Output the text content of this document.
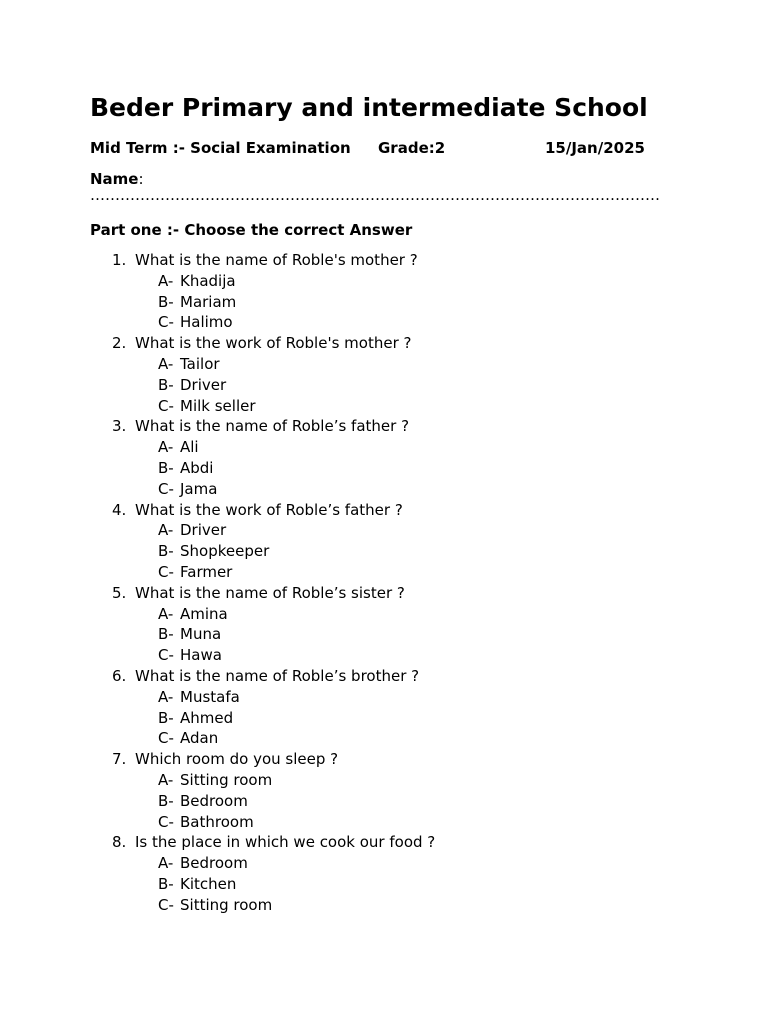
Beder Primary and intermediate School
Mid Term :- Social Examination Grade:2	15/Jan/2025
Name:
……………………………………………………………………………………………………
Part one :- Choose the correct Answer
1. What is the name of Roble's mother ?
A- Khadija
B- Mariam
C- Halimo
2. What is the work of Roble's mother ?
A- Tailor
B- Driver
C- Milk seller
3. What is the name of Roble’s father ?
A- Ali
B- Abdi
C- Jama
4. What is the work of Roble’s father ?
A- Driver
B- Shopkeeper
C- Farmer
5. What is the name of Roble’s sister ?
A- Amina
B- Muna
C- Hawa
6. What is the name of Roble’s brother ?
A- Mustafa
B- Ahmed
C- Adan
7. Which room do you sleep ?
A- Sitting room
B- Bedroom
C- Bathroom
8. Is the place in which we cook our food ?
A- Bedroom
B- Kitchen
C- Sitting room
